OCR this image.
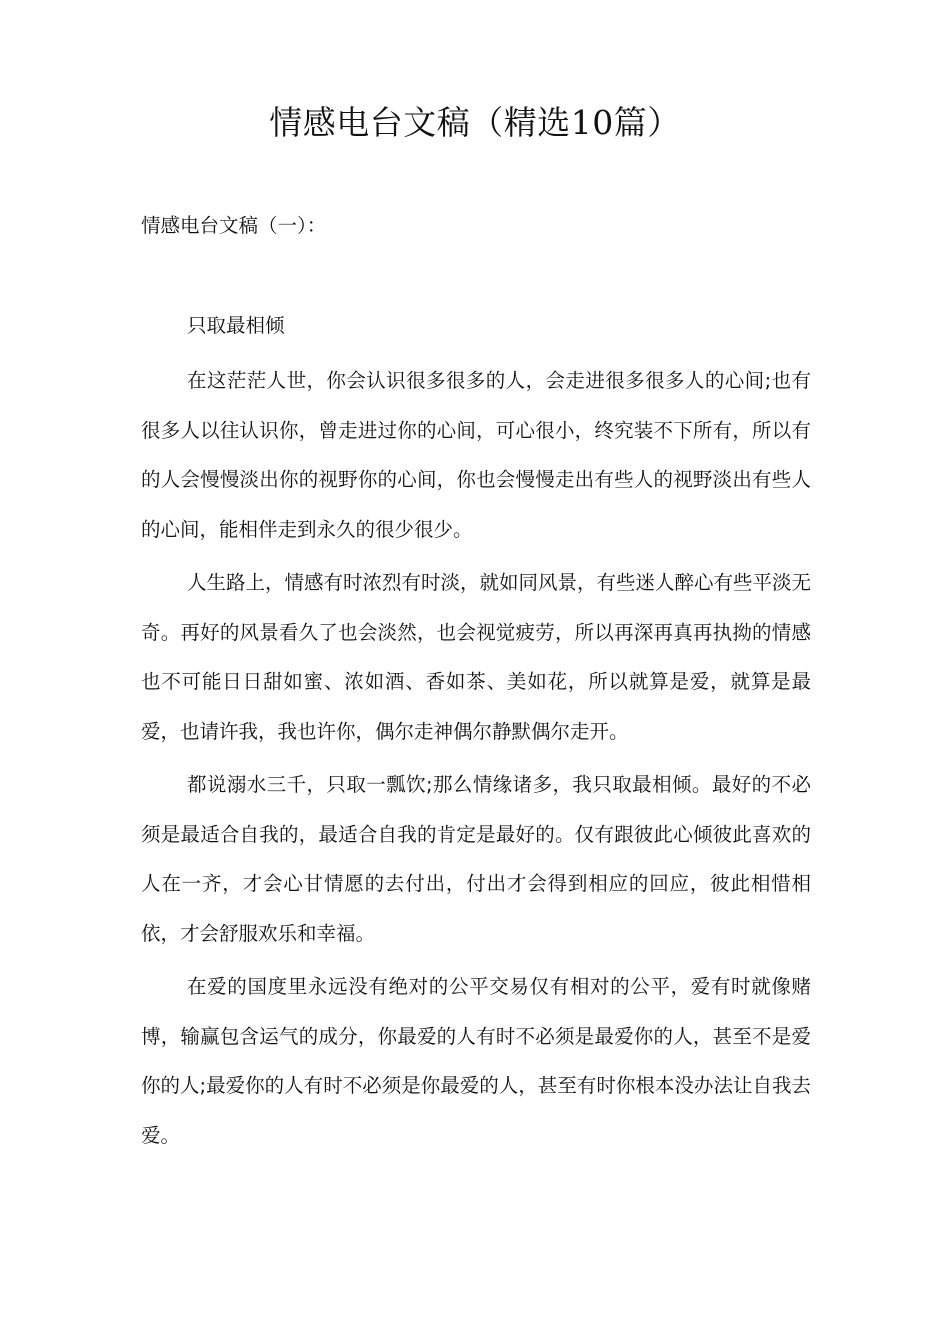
情感电台文稿（精选10篇）

情感电台文稿（一）：

只取最相倾

在这茫茫人世，你会认识很多很多的人，会走进很多很多人的心间;也有很多人以往认识你，曾走进过你的心间，可心很小，终究装不下所有，所以有的人会慢慢淡出你的视野你的心间，你也会慢慢走出有些人的视野淡出有些人的心间，能相伴走到永久的很少很少。

人生路上，情感有时浓烈有时淡，就如同风景，有些迷人醉心有些平淡无奇。再好的风景看久了也会淡然，也会视觉疲劳，所以再深再真再执拗的情感也不可能日日甜如蜜、浓如酒、香如茶、美如花，所以就算是爱，就算是最爱，也请许我，我也许你，偶尔走神偶尔静默偶尔走开。

都说溺水三千，只取一瓢饮;那么情缘诸多，我只取最相倾。最好的不必须是最适合自我的，最适合自我的肯定是最好的。仅有跟彼此心倾彼此喜欢的人在一齐，才会心甘情愿的去付出，付出才会得到相应的回应，彼此相惜相依，才会舒服欢乐和幸福。

在爱的国度里永远没有绝对的公平交易仅有相对的公平，爱有时就像赌博，输赢包含运气的成分，你最爱的人有时不必须是最爱你的人，甚至不是爱你的人;最爱你的人有时不必须是你最爱的人，甚至有时你根本没办法让自我去爱。
